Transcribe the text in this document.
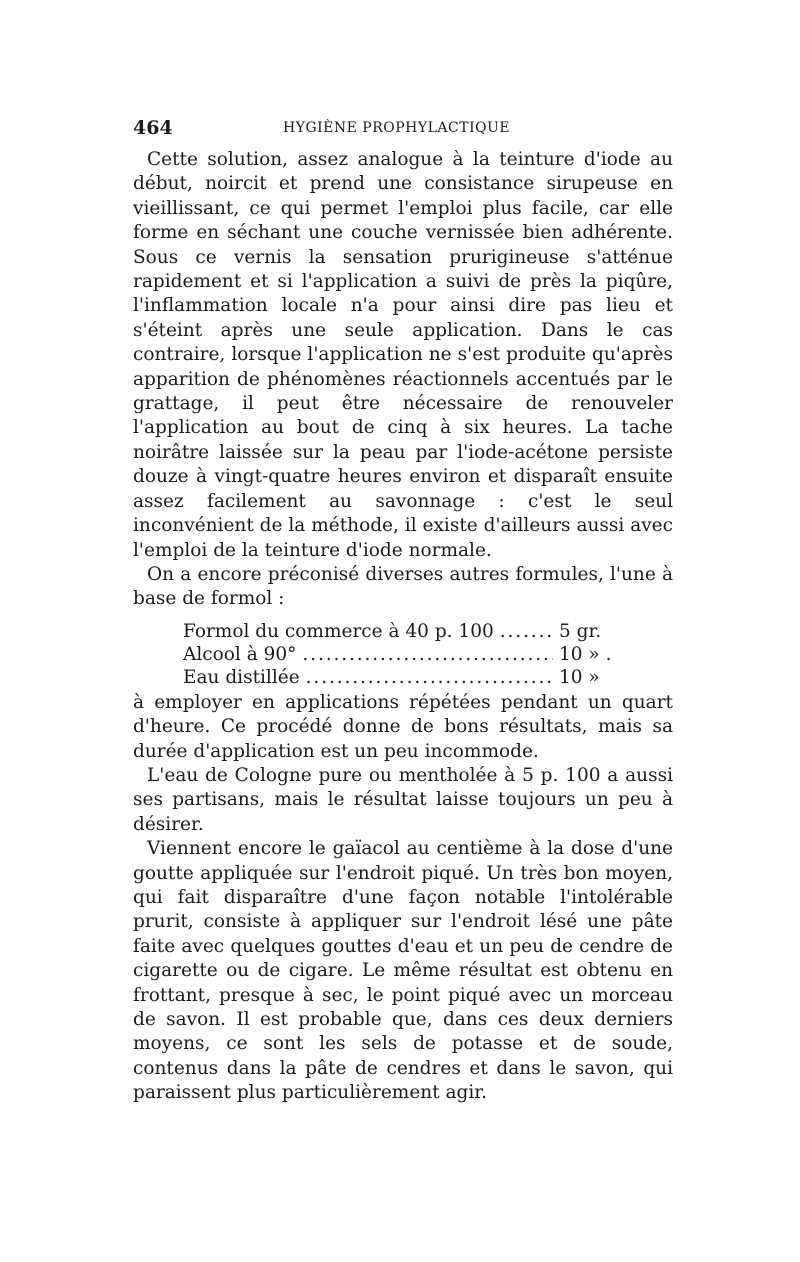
464	HYGIÈNE PROPHYLACTIQUE

Cette solution, assez analogue à la teinture d'iode au début, noircit et prend une consistance sirupeuse en vieillissant, ce qui permet l'emploi plus facile, car elle forme en séchant une couche vernissée bien adhérente. Sous ce vernis la sensation prurigineuse s'atténue rapidement et si l'application a suivi de près la piqûre, l'inflammation locale n'a pour ainsi dire pas lieu et s'éteint après une seule application. Dans le cas contraire, lorsque l'application ne s'est produite qu'après apparition de phénomènes réactionnels accentués par le grattage, il peut être nécessaire de renouveler l'application au bout de cinq à six heures. La tache noirâtre laissée sur la peau par l'iode-acétone persiste douze à vingt-quatre heures environ et disparaît ensuite assez facilement au savonnage : c'est le seul inconvénient de la méthode, il existe d'ailleurs aussi avec l'emploi de la teinture d'iode normale.

On a encore préconisé diverses autres formules, l'une à base de formol :

Formol du commerce à 40 p. 100 . . .	5 gr.
Alcool à 90° . . .	10 » .
Eau distillée . . .	10 »

à employer en applications répétées pendant un quart d'heure. Ce procédé donne de bons résultats, mais sa durée d'application est un peu incommode.

L'eau de Cologne pure ou mentholée à 5 p. 100 a aussi ses partisans, mais le résultat laisse toujours un peu à désirer.

Viennent encore le gaïacol au centième à la dose d'une goutte appliquée sur l'endroit piqué. Un très bon moyen, qui fait disparaître d'une façon notable l'intolérable prurit, consiste à appliquer sur l'endroit lésé une pâte faite avec quelques gouttes d'eau et un peu de cendre de cigarette ou de cigare. Le même résultat est obtenu en frottant, presque à sec, le point piqué avec un morceau de savon. Il est probable que, dans ces deux derniers moyens, ce sont les sels de potasse et de soude, contenus dans la pâte de cendres et dans le savon, qui paraissent plus particulièrement agir.
